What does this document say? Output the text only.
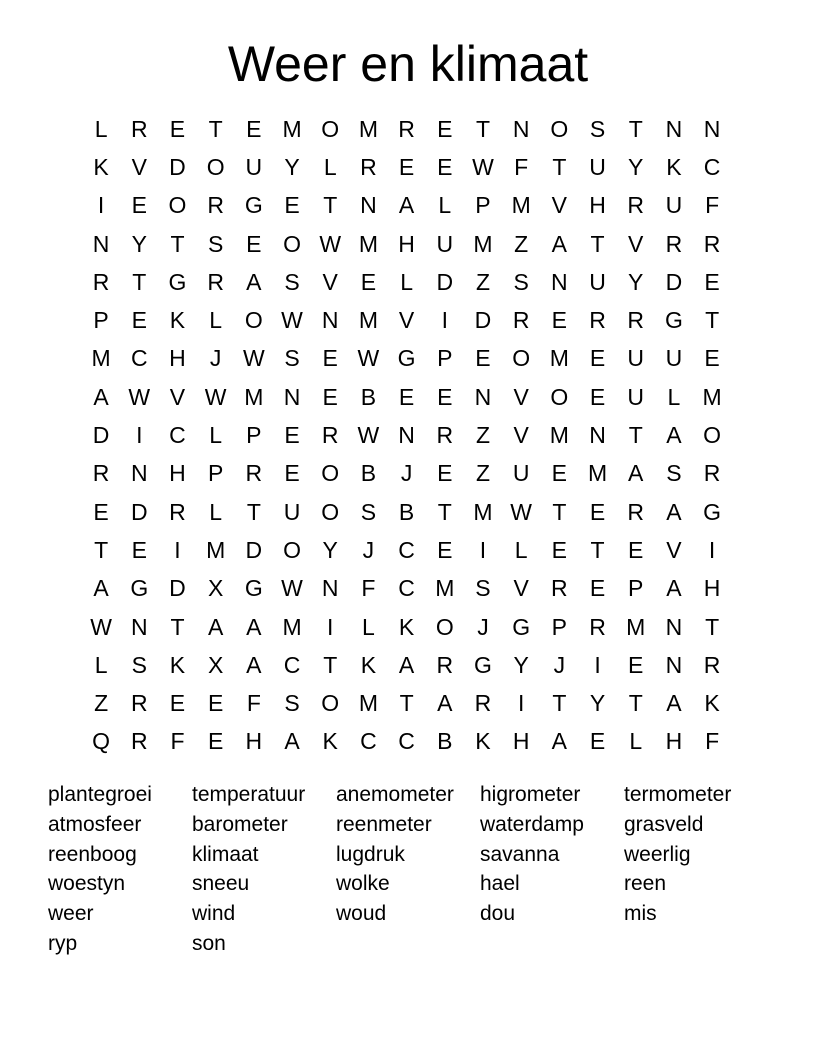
Weer en klimaat
L	R E	T	E M O M R E	T N O S	T N N
K V D O U Y	L	R E E W F	T U Y K C
I	E O R G E	T N A	L	P M V H R U F
N Y	T	S E O W M H U M Z	A	T	V R R
R T G R A S V E	L	D Z	S N U Y D E
P E K	L O W N M V	I	D R E R R G T
M C H	J W S E W G P E O M E U U E
A W V W M N E B E E N V O E U	L M
D	I	C	L	P E R W N R Z	V M N T	A O
R N H P R E O B	J	E	Z U E M A S R
E D R	L	T U O S B	T M W T	E R A G
T	E	I	M D O Y	J	C E	I	L	E	T	E V	I
A G D X G W N F C M S V R E P A H
W N T	A A M	I	L	K O	J	G P R M N T
L	S K X A C T	K A R G Y	J	I	E N R
Z R E E	F	S O M T	A R	I	T	Y	T	A K
Q R F	E H A K C C B K H A E	L	H F
plantegroei	temperatuur	anemometer	higrometer	termometer
atmosfeer	barometer	reenmeter	waterdamp	grasveld
reenboog	klimaat	lugdruk	savanna	weerlig
woestyn	sneeu	wolke	hael	reen
weer	wind	woud	dou	mis
ryp	son
